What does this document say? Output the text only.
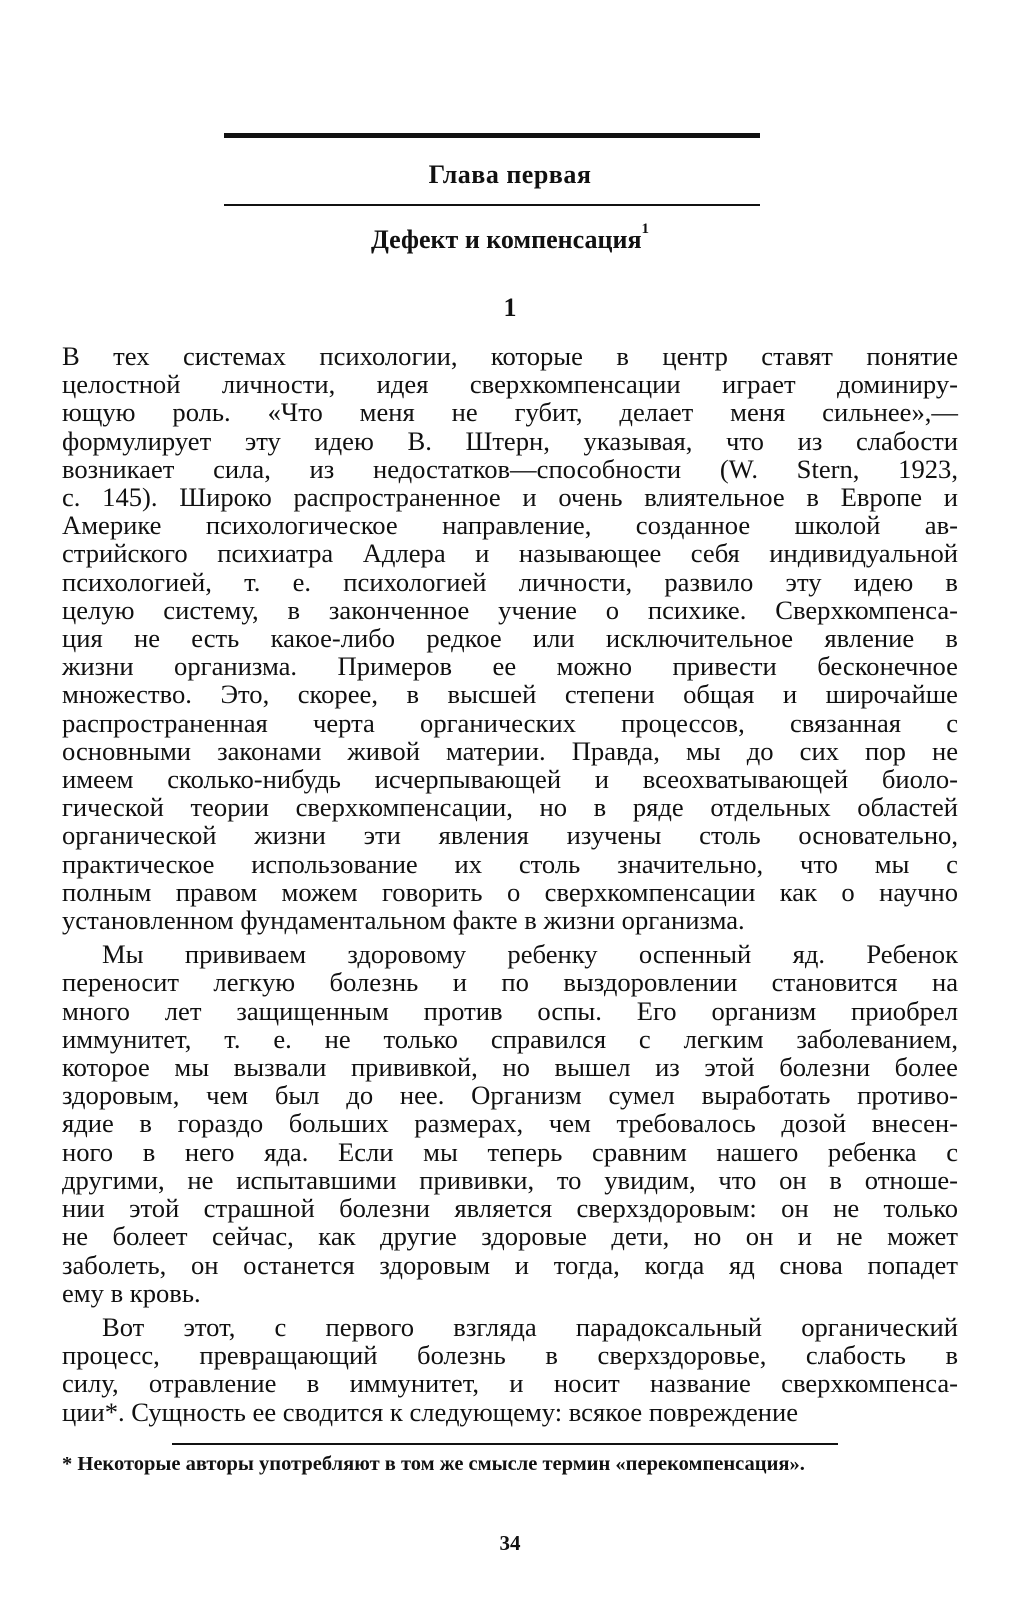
Глава первая
Дефект и компенсация$^1$
1
В тех системах психологии, которые в центр ставят понятие
целостной личности, идея сверхкомпенсации играет доминиру-
ющую роль. «Что меня не губит, делает меня сильнее»,—
формулирует эту идею В. Штерн, указывая, что из слабости
возникает сила, из недостатков—способности (W. Stern, 1923,
с. 145). Широко распространенное и очень влиятельное в Европе и
Америке психологическое направление, созданное школой ав-
стрийского психиатра Адлера и называющее себя индивидуальной
психологией, т. е. психологией личности, развило эту идею в
целую систему, в законченное учение о психике. Сверхкомпенса-
ция не есть какое-либо редкое или исключительное явление в
жизни организма. Примеров ее можно привести бесконечное
множество. Это, скорее, в высшей степени общая и широчайше
распространенная черта органических процессов, связанная с
основными законами живой материи. Правда, мы до сих пор не
имеем сколько-нибудь исчерпывающей и всеохватывающей биоло-
гической теории сверхкомпенсации, но в ряде отдельных областей
органической жизни эти явления изучены столь основательно,
практическое использование их столь значительно, что мы с
полным правом можем говорить о сверхкомпенсации как о научно
установленном фундаментальном факте в жизни организма.
Мы прививаем здоровому ребенку оспенный яд. Ребенок
переносит легкую болезнь и по выздоровлении становится на
много лет защищенным против оспы. Его организм приобрел
иммунитет, т. е. не только справился с легким заболеванием,
которое мы вызвали прививкой, но вышел из этой болезни более
здоровым, чем был до нее. Организм сумел выработать противо-
ядие в гораздо больших размерах, чем требовалось дозой внесен-
ного в него яда. Если мы теперь сравним нашего ребенка с
другими, не испытавшими прививки, то увидим, что он в отноше-
нии этой страшной болезни является сверхздоровым: он не только
не болеет сейчас, как другие здоровые дети, но он и не может
заболеть, он останется здоровым и тогда, когда яд снова попадет
ему в кровь.
Вот этот, с первого взгляда парадоксальный органический
процесс, превращающий болезнь в сверхздоровье, слабость в
силу, отравление в иммунитет, и носит название сверхкомпенса-
ции*. Сущность ее сводится к следующему: всякое повреждение
* Некоторые авторы употребляют в том же смысле термин «перекомпенсация».
34
